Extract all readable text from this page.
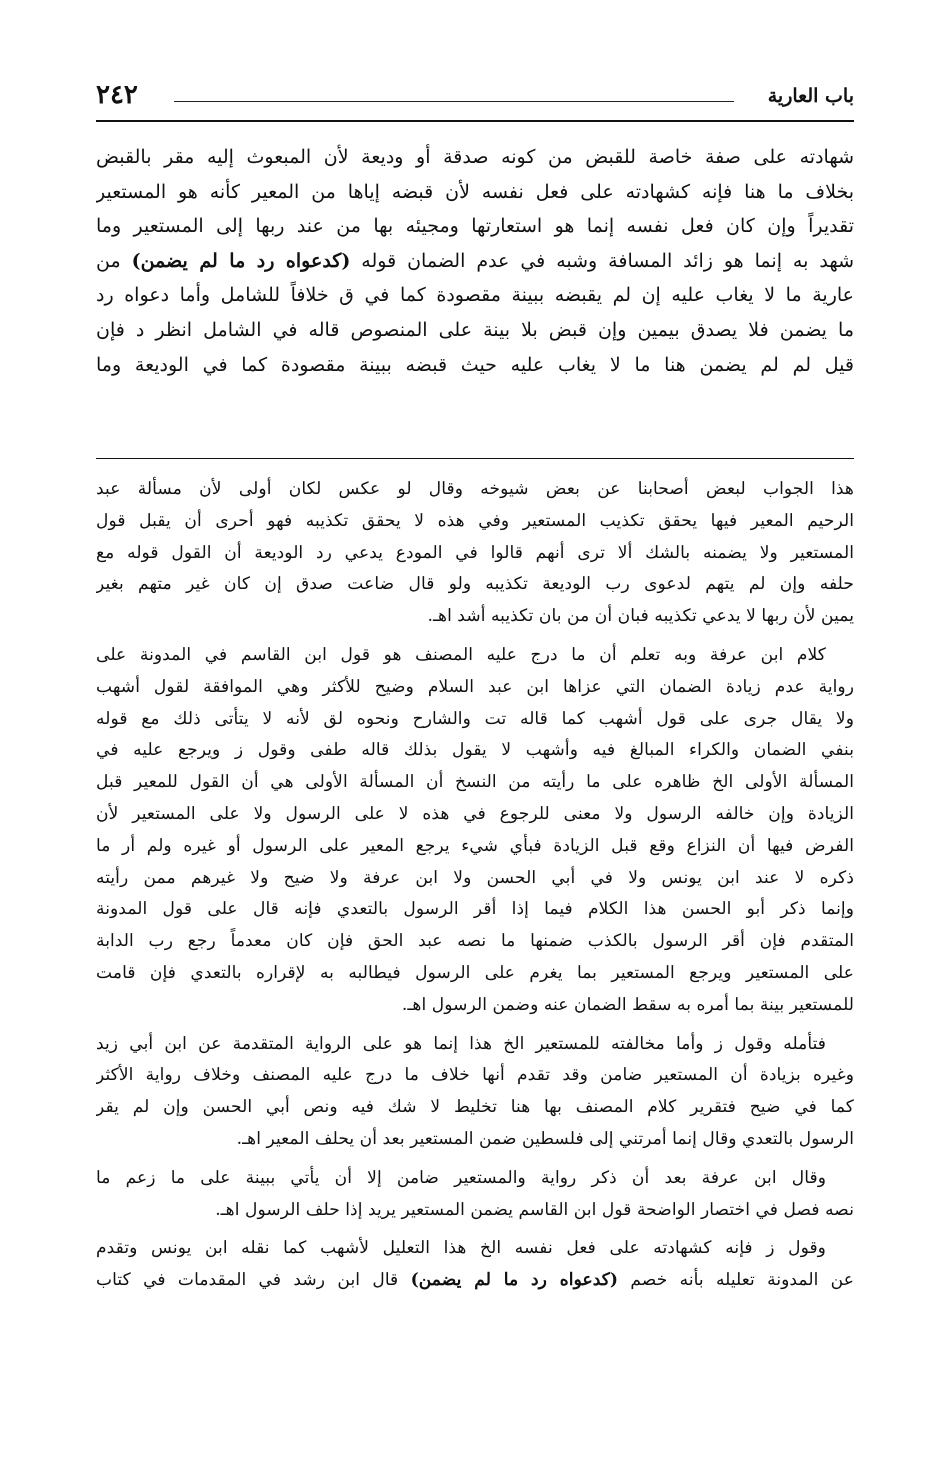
٢٤٢	باب العارية
شهادته على صفة خاصة للقبض من كونه صدقة أو وديعة لأن المبعوث إليه مقر بالقبض
بخلاف ما هنا فإنه كشهادته على فعل نفسه لأن قبضه إياها من المعير كأنه هو المستعير
تقديراً وإن كان فعل نفسه إنما هو استعارتها ومجيئه بها من عند ربها إلى المستعير وما
شهد به إنما هو زائد المسافة وشبه في عدم الضمان قوله (كدعواه رد ما لم يضمن) من
عارية ما لا يغاب عليه إن لم يقبضه ببينة مقصودة كما في ق خلافاً للشامل وأما دعواه رد
ما يضمن فلا يصدق بيمين وإن قبض بلا بينة على المنصوص قاله في الشامل انظر د فإن
قيل لم لم يضمن هنا ما لا يغاب عليه حيث قبضه ببينة مقصودة كما في الوديعة وما

هذا الجواب لبعض أصحابنا عن بعض شيوخه وقال لو عكس لكان أولى لأن مسألة عبد
الرحيم المعير فيها يحقق تكذيب المستعير وفي هذه لا يحقق تكذيبه فهو أحرى أن يقبل قول
المستعير ولا يضمنه بالشك ألا ترى أنهم قالوا في المودع يدعي رد الوديعة أن القول قوله مع
حلفه وإن لم يتهم لدعوى رب الوديعة تكذيبه ولو قال ضاعت صدق إن كان غير متهم بغير
يمين لأن ربها لا يدعي تكذيبه فبان أن من بان تكذيبه أشد اهـ.

كلام ابن عرفة وبه تعلم أن ما درج عليه المصنف هو قول ابن القاسم في المدونة على
رواية عدم زيادة الضمان التي عزاها ابن عبد السلام وضيح للأكثر وهي الموافقة لقول أشهب
ولا يقال جرى على قول أشهب كما قاله تت والشارح ونحوه لق لأنه لا يتأتى ذلك مع قوله
بنفي الضمان والكراء المبالغ فيه وأشهب لا يقول بذلك قاله طفى وقول ز ويرجع عليه في
المسألة الأولى الخ ظاهره على ما رأيته من النسخ أن المسألة الأولى هي أن القول للمعير قبل
الزيادة وإن خالفه الرسول ولا معنى للرجوع في هذه لا على الرسول ولا على المستعير لأن
الفرض فيها أن النزاع وقع قبل الزيادة فبأي شيء يرجع المعير على الرسول أو غيره ولم أر ما
ذكره لا عند ابن يونس ولا في أبي الحسن ولا ابن عرفة ولا ضيح ولا غيرهم ممن رأيته
وإنما ذكر أبو الحسن هذا الكلام فيما إذا أقر الرسول بالتعدي فإنه قال على قول المدونة
المتقدم فإن أقر الرسول بالكذب ضمنها ما نصه عبد الحق فإن كان معدماً رجع رب الدابة
على المستعير ويرجع المستعير بما يغرم على الرسول فيطالبه به لإقراره بالتعدي فإن قامت
للمستعير بينة بما أمره به سقط الضمان عنه وضمن الرسول اهـ.

فتأمله وقول ز وأما مخالفته للمستعير الخ هذا إنما هو على الرواية المتقدمة عن ابن أبي زيد
وغيره بزيادة أن المستعير ضامن وقد تقدم أنها خلاف ما درج عليه المصنف وخلاف رواية الأكثر
كما في ضيح فتقرير كلام المصنف بها هنا تخليط لا شك فيه ونص أبي الحسن وإن لم يقر
الرسول بالتعدي وقال إنما أمرتني إلى فلسطين ضمن المستعير بعد أن يحلف المعير اهـ.

وقال ابن عرفة بعد أن ذكر رواية والمستعير ضامن إلا أن يأتي ببينة على ما زعم ما
نصه فصل في اختصار الواضحة قول ابن القاسم يضمن المستعير يريد إذا حلف الرسول اهـ.

وقول ز فإنه كشهادته على فعل نفسه الخ هذا التعليل لأشهب كما نقله ابن يونس وتقدم
عن المدونة تعليله بأنه خصم (كدعواه رد ما لم يضمن) قال ابن رشد في المقدمات في كتاب
